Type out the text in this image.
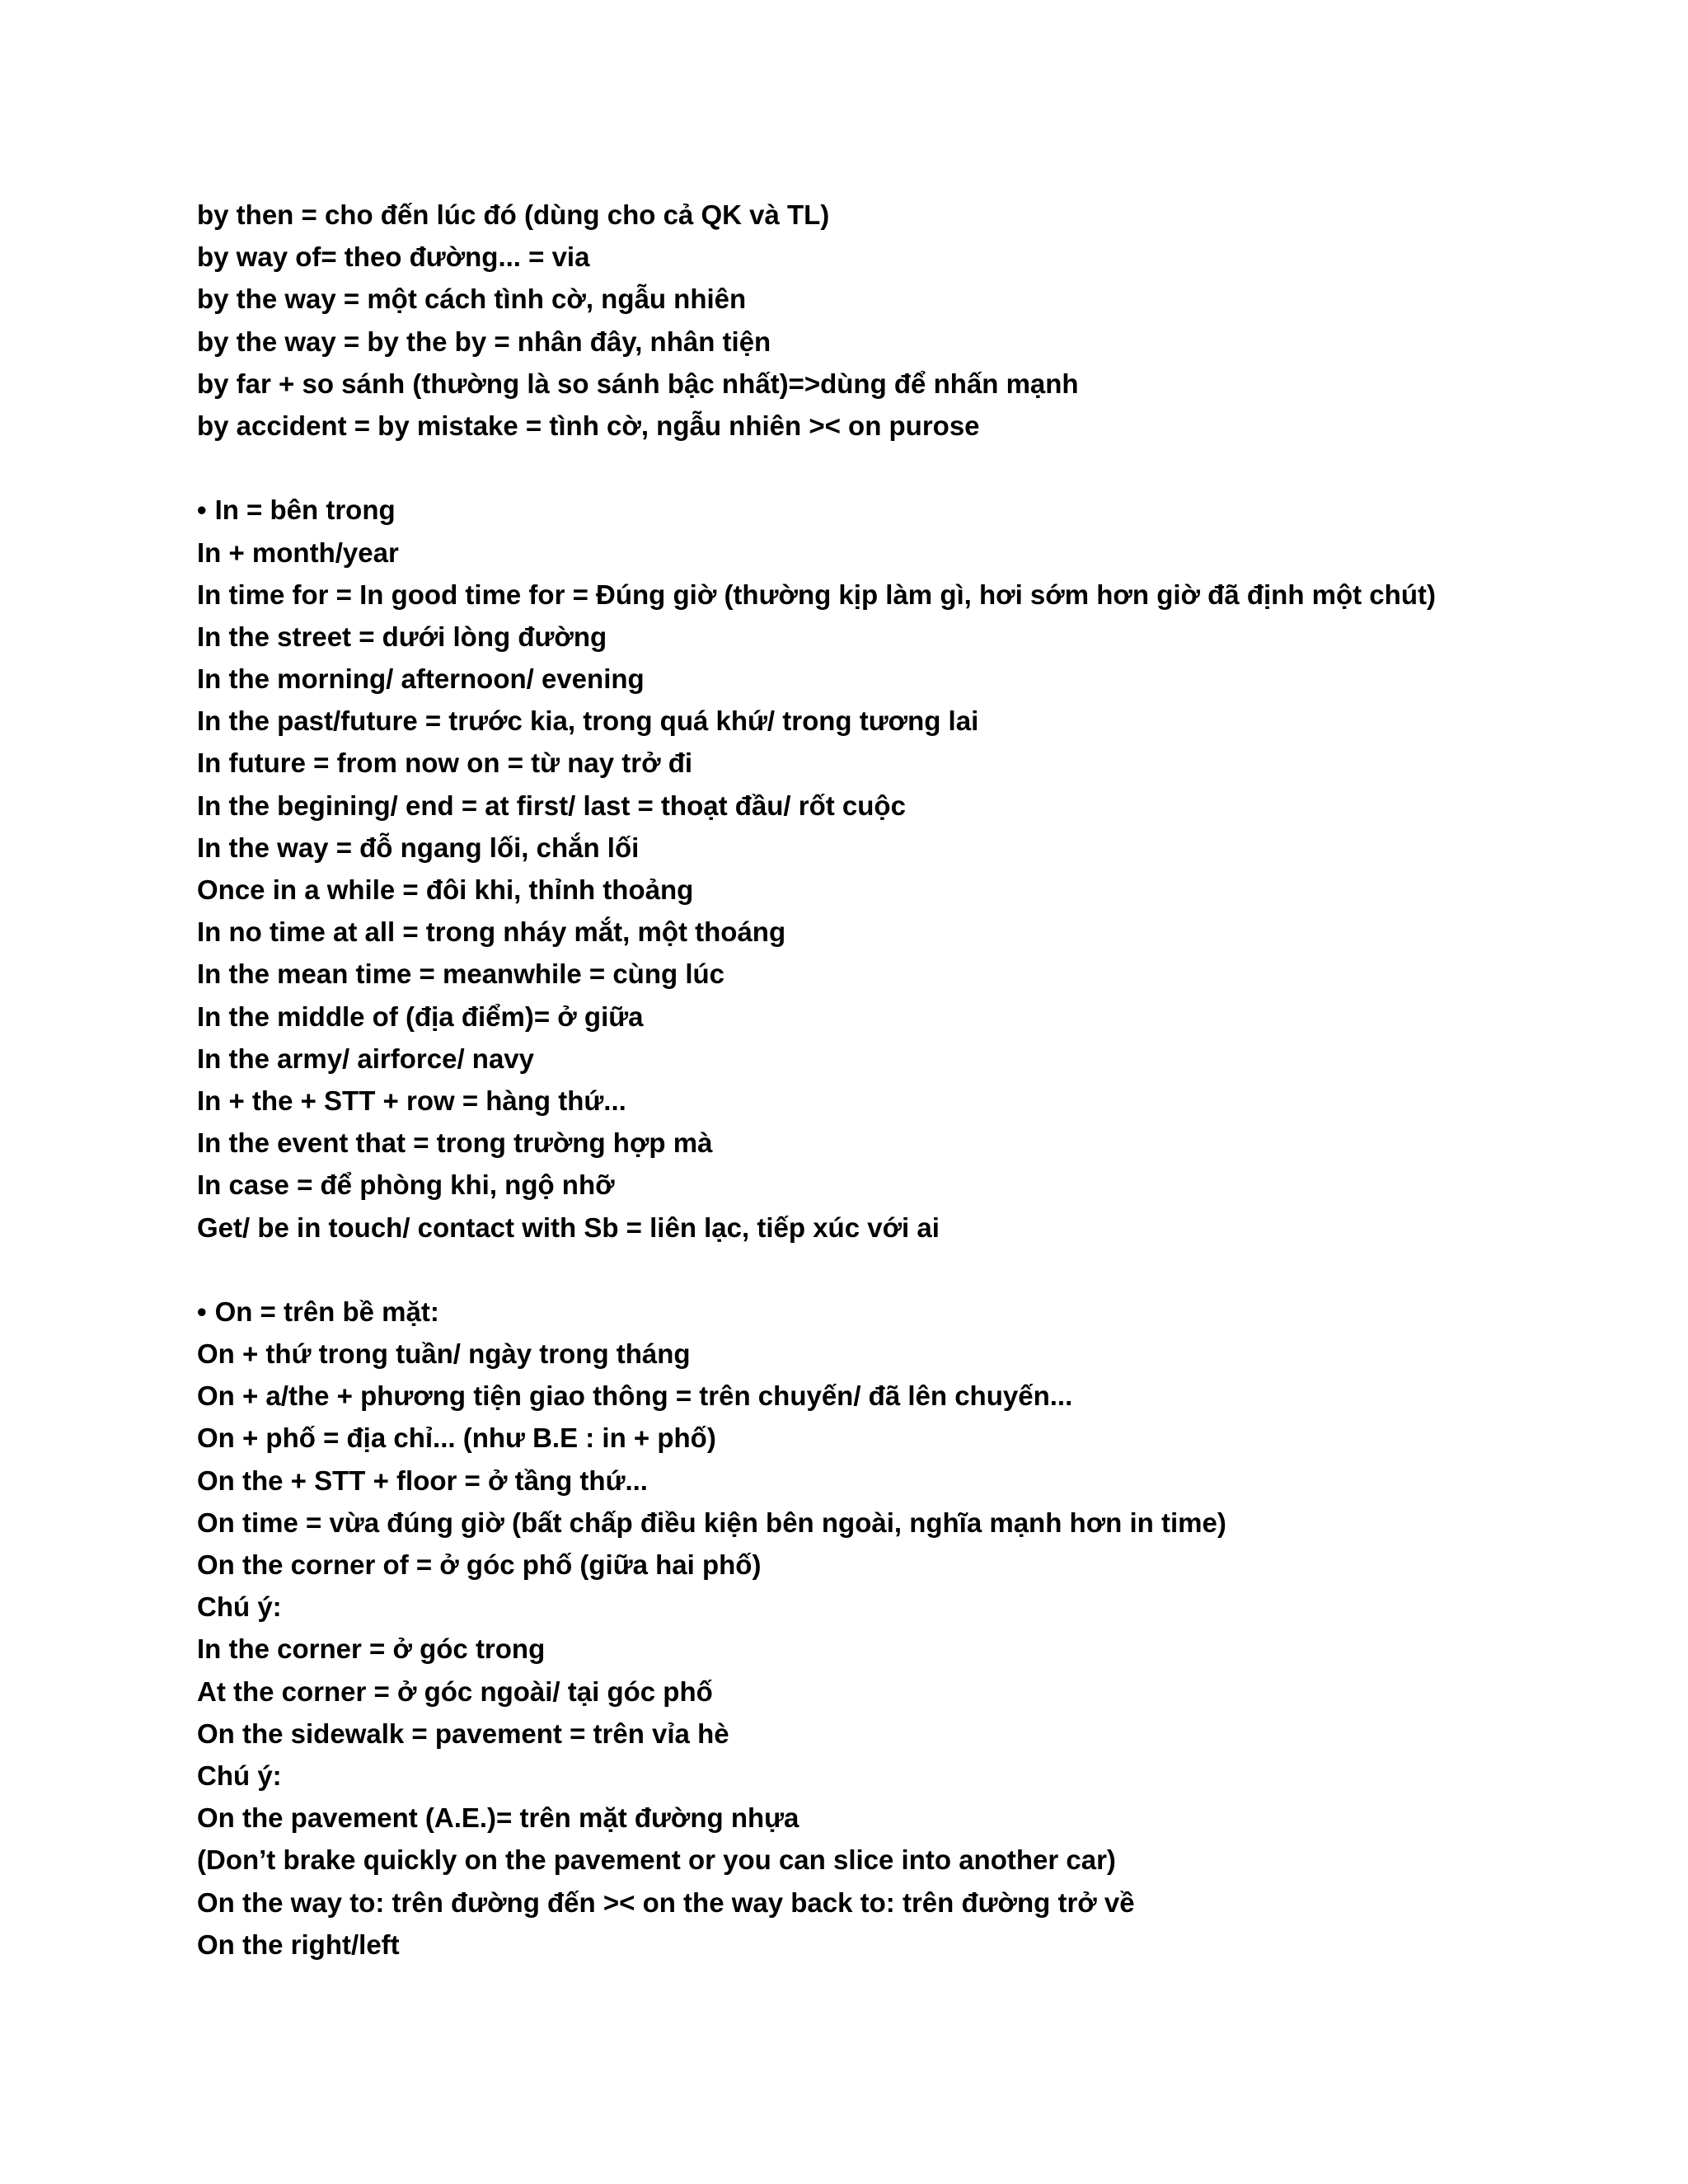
by then = cho đến lúc đó (dùng cho cả QK và TL)
by way of= theo đường... = via
by the way = một cách tình cờ, ngẫu nhiên
by the way = by the by = nhân đây, nhân tiện
by far + so sánh (thường là so sánh bậc nhất)=>dùng để nhấn mạnh
by accident = by mistake = tình cờ, ngẫu nhiên >< on purose
• In = bên trong
In + month/year
In time for = In good time for = Đúng giờ (thường kịp làm gì, hơi sớm hơn giờ đã định một chút)
In the street = dưới lòng đường
In the morning/ afternoon/ evening
In the past/future = trước kia, trong quá khứ/ trong tương lai
In future = from now on = từ nay trở đi
In the begining/ end = at first/ last = thoạt đầu/ rốt cuộc
In the way = đỗ ngang lối, chắn lối
Once in a while = đôi khi, thỉnh thoảng
In no time at all = trong nháy mắt, một thoáng
In the mean time = meanwhile = cùng lúc
In the middle of (địa điểm)= ở giữa
In the army/ airforce/ navy
In + the + STT + row = hàng thứ...
In the event that = trong trường hợp mà
In case = để phòng khi, ngộ nhỡ
Get/ be in touch/ contact with Sb = liên lạc, tiếp xúc với ai
• On = trên bề mặt:
On + thứ trong tuần/ ngày trong tháng
On + a/the + phương tiện giao thông = trên chuyến/ đã lên chuyến...
On + phố = địa chỉ... (như B.E : in + phố)
On the + STT + floor = ở tầng thứ...
On time = vừa đúng giờ (bất chấp điều kiện bên ngoài, nghĩa mạnh hơn in time)
On the corner of = ở góc phố (giữa hai phố)
Chú ý:
In the corner = ở góc trong
At the corner = ở góc ngoài/ tại góc phố
On the sidewalk = pavement = trên vỉa hè
Chú ý:
On the pavement (A.E.)= trên mặt đường nhựa
(Don’t brake quickly on the pavement or you can slice into another car)
On the way to: trên đường đến >< on the way back to: trên đường trở về
On the right/left
